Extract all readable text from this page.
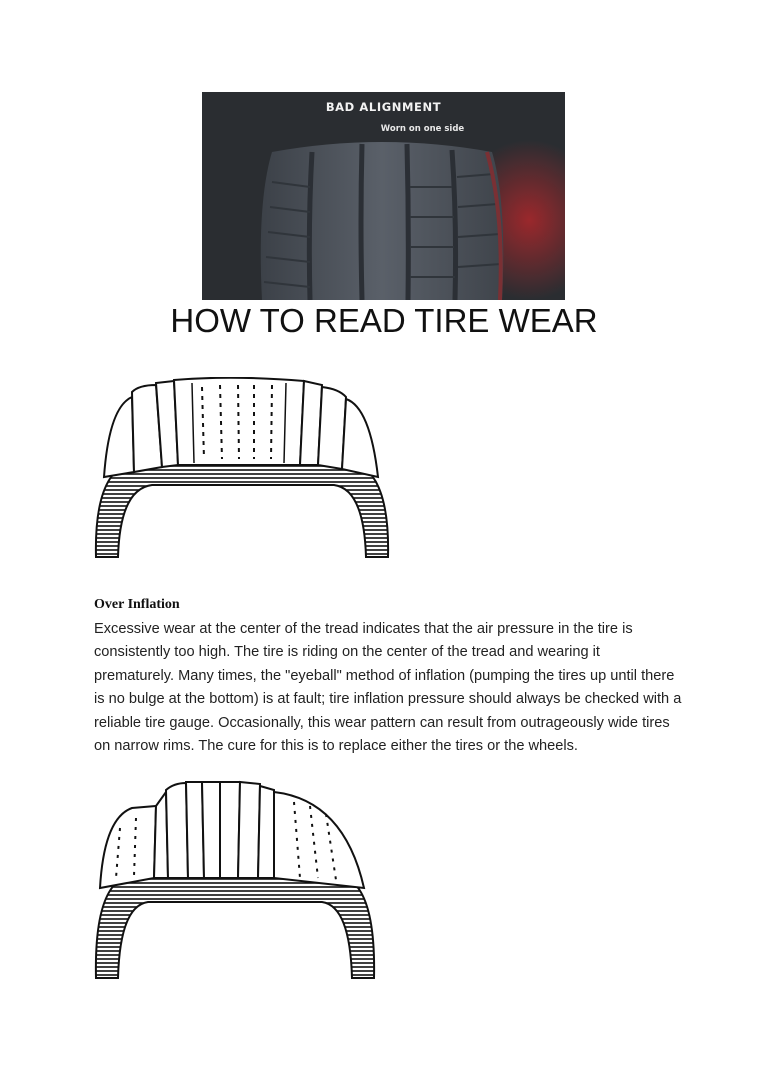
BAD ALIGNMENT
Worn on one side
HOW TO READ TIRE WEAR
Over Inflation

Excessive wear at the center of the tread indicates that the air pressure in the tire is consistently too high. The tire is riding on the center of the tread and wearing it prematurely. Many times, the "eyeball" method of inflation (pumping the tires up until there is no bulge at the bottom) is at fault; tire inflation pressure should always be checked with a reliable tire gauge. Occasionally, this wear pattern can result from outrageously wide tires on narrow rims. The cure for this is to replace either the tires or the wheels.
